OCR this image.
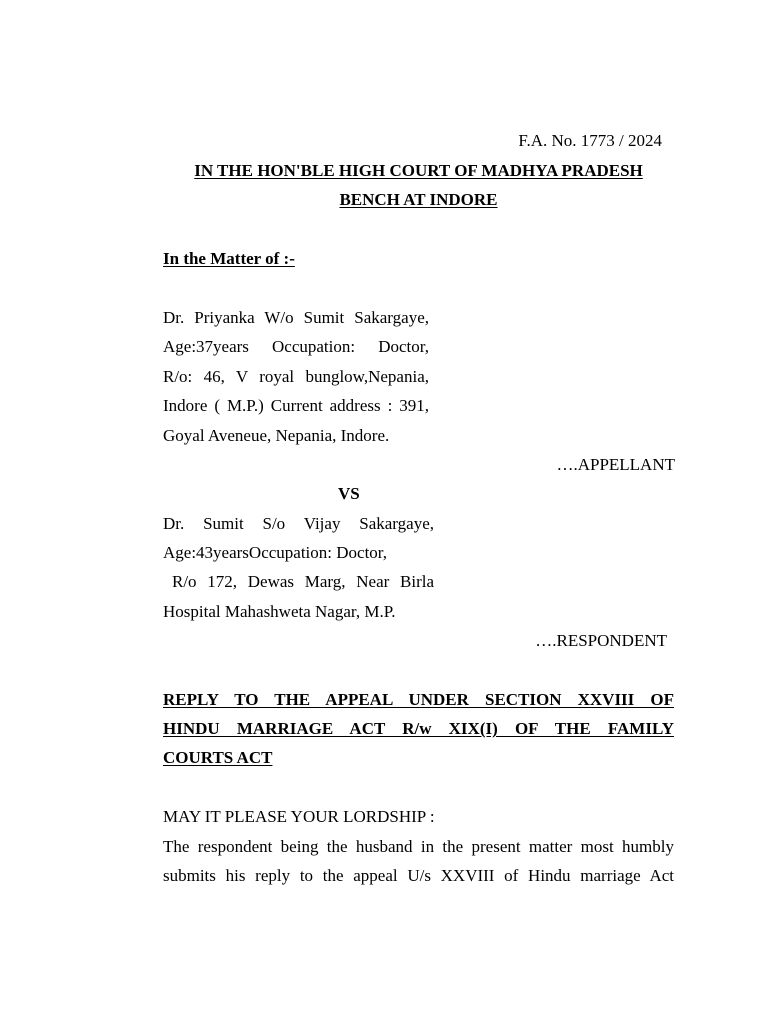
F.A. No. 1773 / 2024
IN THE HON'BLE HIGH COURT OF MADHYA PRADESH
BENCH AT INDORE
In the Matter of :-
Dr. Priyanka W/o Sumit Sakargaye,
Age:37years Occupation: Doctor,
R/o: 46, V royal bunglow,Nepania,
Indore ( M.P.) Current address : 391,
Goyal Aveneue, Nepania, Indore.
….APPELLANT
VS
Dr. Sumit S/o Vijay Sakargaye,
Age:43yearsOccupation: Doctor,
R/o 172, Dewas Marg, Near Birla
Hospital Mahashweta Nagar, M.P.
….RESPONDENT
REPLY TO THE APPEAL UNDER SECTION XXVIII OF
HINDU MARRIAGE ACT R/w XIX(I) OF THE FAMILY
COURTS ACT
MAY IT PLEASE YOUR LORDSHIP :
The respondent being the husband in the present matter most humbly
submits his reply to the appeal U/s XXVIII of Hindu marriage Act
